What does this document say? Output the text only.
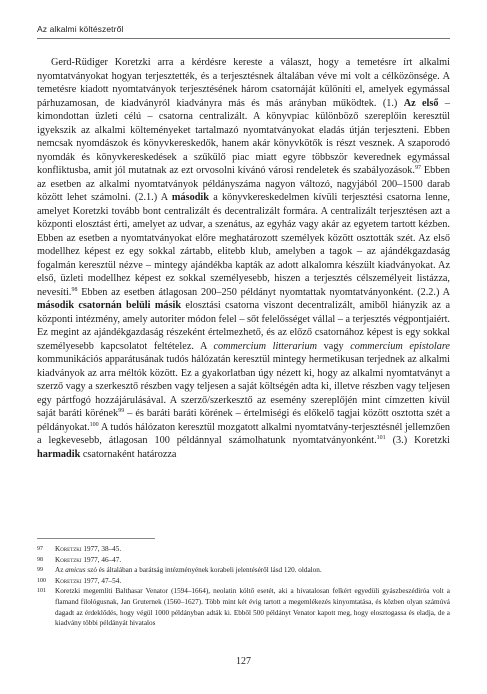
Az alkalmi költészetről

Gerd-Rüdiger Koretzki arra a kérdésre kereste a választ, hogy a temetésre írt alkalmi nyomtatványokat hogyan terjesztették, és a terjesztésnek általában véve mi volt a célközönsége. A temetésre kiadott nyomtatványok terjesztésének három csatornáját különíti el, amelyek egymással párhuzamosan, de kiadványról kiadványra más és más arányban működtek. (1.) Az első – kimondottan üzleti célú – csatorna centralizált. A könyvpiac különböző szereplőin keresztül igyekszik az alkalmi költeményeket tartalmazó nyomtatványokat eladás útján terjeszteni. Ebben nemcsak nyomdászok és könyvkereskedők, hanem akár könyvkötők is részt vesznek. A szaporodó nyomdák és könyvkereskedések a szűkülő piac miatt egyre többször keverednek egymással konfliktusba, amit jól mutatnak az ezt orvosolni kívánó városi rendeletek és szabályozások.$^{97}$ Ebben az esetben az alkalmi nyomtatványok példányszáma nagyon változó, nagyjából 200–1500 darab között lehet számolni. (2.1.) A második a könyvkereskedelmen kívüli terjesztési csatorna lenne, amelyet Koretzki tovább bont centralizált és decentralizált formára. A centralizált terjesztésen azt a központi elosztást érti, amelyet az udvar, a szenátus, az egyház vagy akár az egyetem tartott kézben. Ebben az esetben a nyomtatványokat előre meghatározott személyek között osztották szét. Az első modellhez képest ez egy sokkal zártabb, elitebb klub, amelyben a tagok – az ajándékgazdaság fogalmán keresztül nézve – mintegy ajándékba kapták az adott alkalomra készült kiadványokat. Az első, üzleti modellhez képest ez sokkal személyesebb, hiszen a terjesztés célszemélyeit listázza, nevesíti.$^{98}$ Ebben az esetben átlagosan 200–250 példányt nyomtattak nyomtatványonként. (2.2.) A második csatornán belüli másik elosztási csatorna viszont decentralizált, amiből hiányzik az a központi intézmény, amely autoriter módon felel – sőt felelősséget vállal – a terjesztés végpontjaiért. Ez megint az ajándékgazdaság részeként értelmezhető, és az előző csatornához képest is egy sokkal személyesebb kapcsolatot feltételez. A commercium litterarium vagy commercium epistolare kommunikációs apparátusának tudós hálózatán keresztül mintegy hermetikusan terjednek az alkalmi kiadványok az arra méltók között. Ez a gyakorlatban úgy nézett ki, hogy az alkalmi nyomtatványt a szerző vagy a szerkesztő részben vagy teljesen a saját költségén adta ki, illetve részben vagy teljesen egy pártfogó hozzájárulásával. A szerző/szerkesztő az esemény szereplőjén mint címzetten kívül saját baráti körének$^{99}$ – és baráti baráti körének – értelmiségi és előkelő tagjai között osztotta szét a példányokat.$^{100}$ A tudós hálózaton keresztül mozgatott alkalmi nyomtatvány-terjesztésnél jellemzően a legkevesebb, átlagosan 100 példánnyal számolhatunk nyomtatványonként.$^{101}$ (3.) Koretzki harmadik csatornaként határozza

97	Koretzki 1977, 38–45.
98	Koretzki 1977, 46–47.
99	Az amicus szó és általában a barátság intézményének korabeli jelentéséről lásd 120. oldalon.
100	Koretzki 1977, 47–54.
101	Koretzki megemlíti Balthasar Venator (1594–1664), neolatin költő esetét, aki a hivatalosan felkért egyedüli gyászbeszédíróa volt a flamand filológusnak, Jan Gruternek (1560–1627). Több mint két évig tartott a megemlékezés kinyomtatása, és közben olyan számúvá dagadt az érdeklődés, hogy végül 1000 példányban adták ki. Ebből 500 példányt Venator kapott meg, hogy elosztogassa és eladja, de a kiadvány többi példányát hivatalos
127
